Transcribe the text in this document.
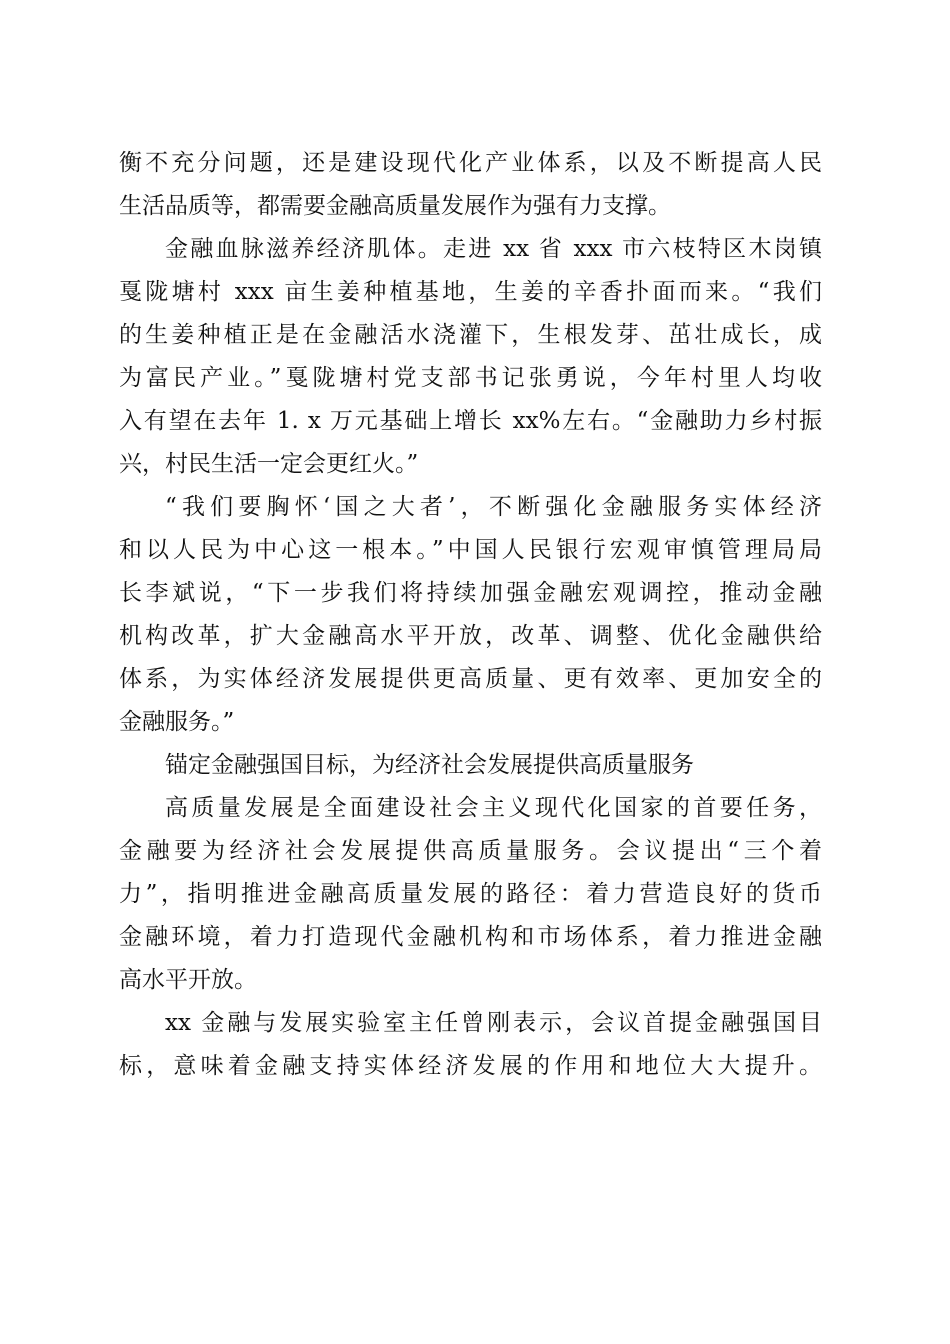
衡不充分问题，还是建设现代化产业体系，以及不断提高人民
生活品质等，都需要金融高质量发展作为强有力支撑。
金融血脉滋养经济肌体。走进 xx 省 xxx 市六枝特区木岗镇
戛陇塘村 xxx 亩生姜种植基地，生姜的辛香扑面而来。“我们
的生姜种植正是在金融活水浇灌下，生根发芽、茁壮成长，成
为富民产业。”戛陇塘村党支部书记张勇说，今年村里人均收
入有望在去年 1. x 万元基础上增长 xx%左右。“金融助力乡村振
兴，村民生活一定会更红火。”
“我们要胸怀‘国之大者’，不断强化金融服务实体经济
和以人民为中心这一根本。”中国人民银行宏观审慎管理局局
长李斌说，“下一步我们将持续加强金融宏观调控，推动金融
机构改革，扩大金融高水平开放，改革、调整、优化金融供给
体系，为实体经济发展提供更高质量、更有效率、更加安全的
金融服务。”
锚定金融强国目标，为经济社会发展提供高质量服务
高质量发展是全面建设社会主义现代化国家的首要任务，
金融要为经济社会发展提供高质量服务。会议提出“三个着
力”，指明推进金融高质量发展的路径：着力营造良好的货币
金融环境，着力打造现代金融机构和市场体系，着力推进金融
高水平开放。
xx 金融与发展实验室主任曾刚表示，会议首提金融强国目
标，意味着金融支持实体经济发展的作用和地位大大提升。
